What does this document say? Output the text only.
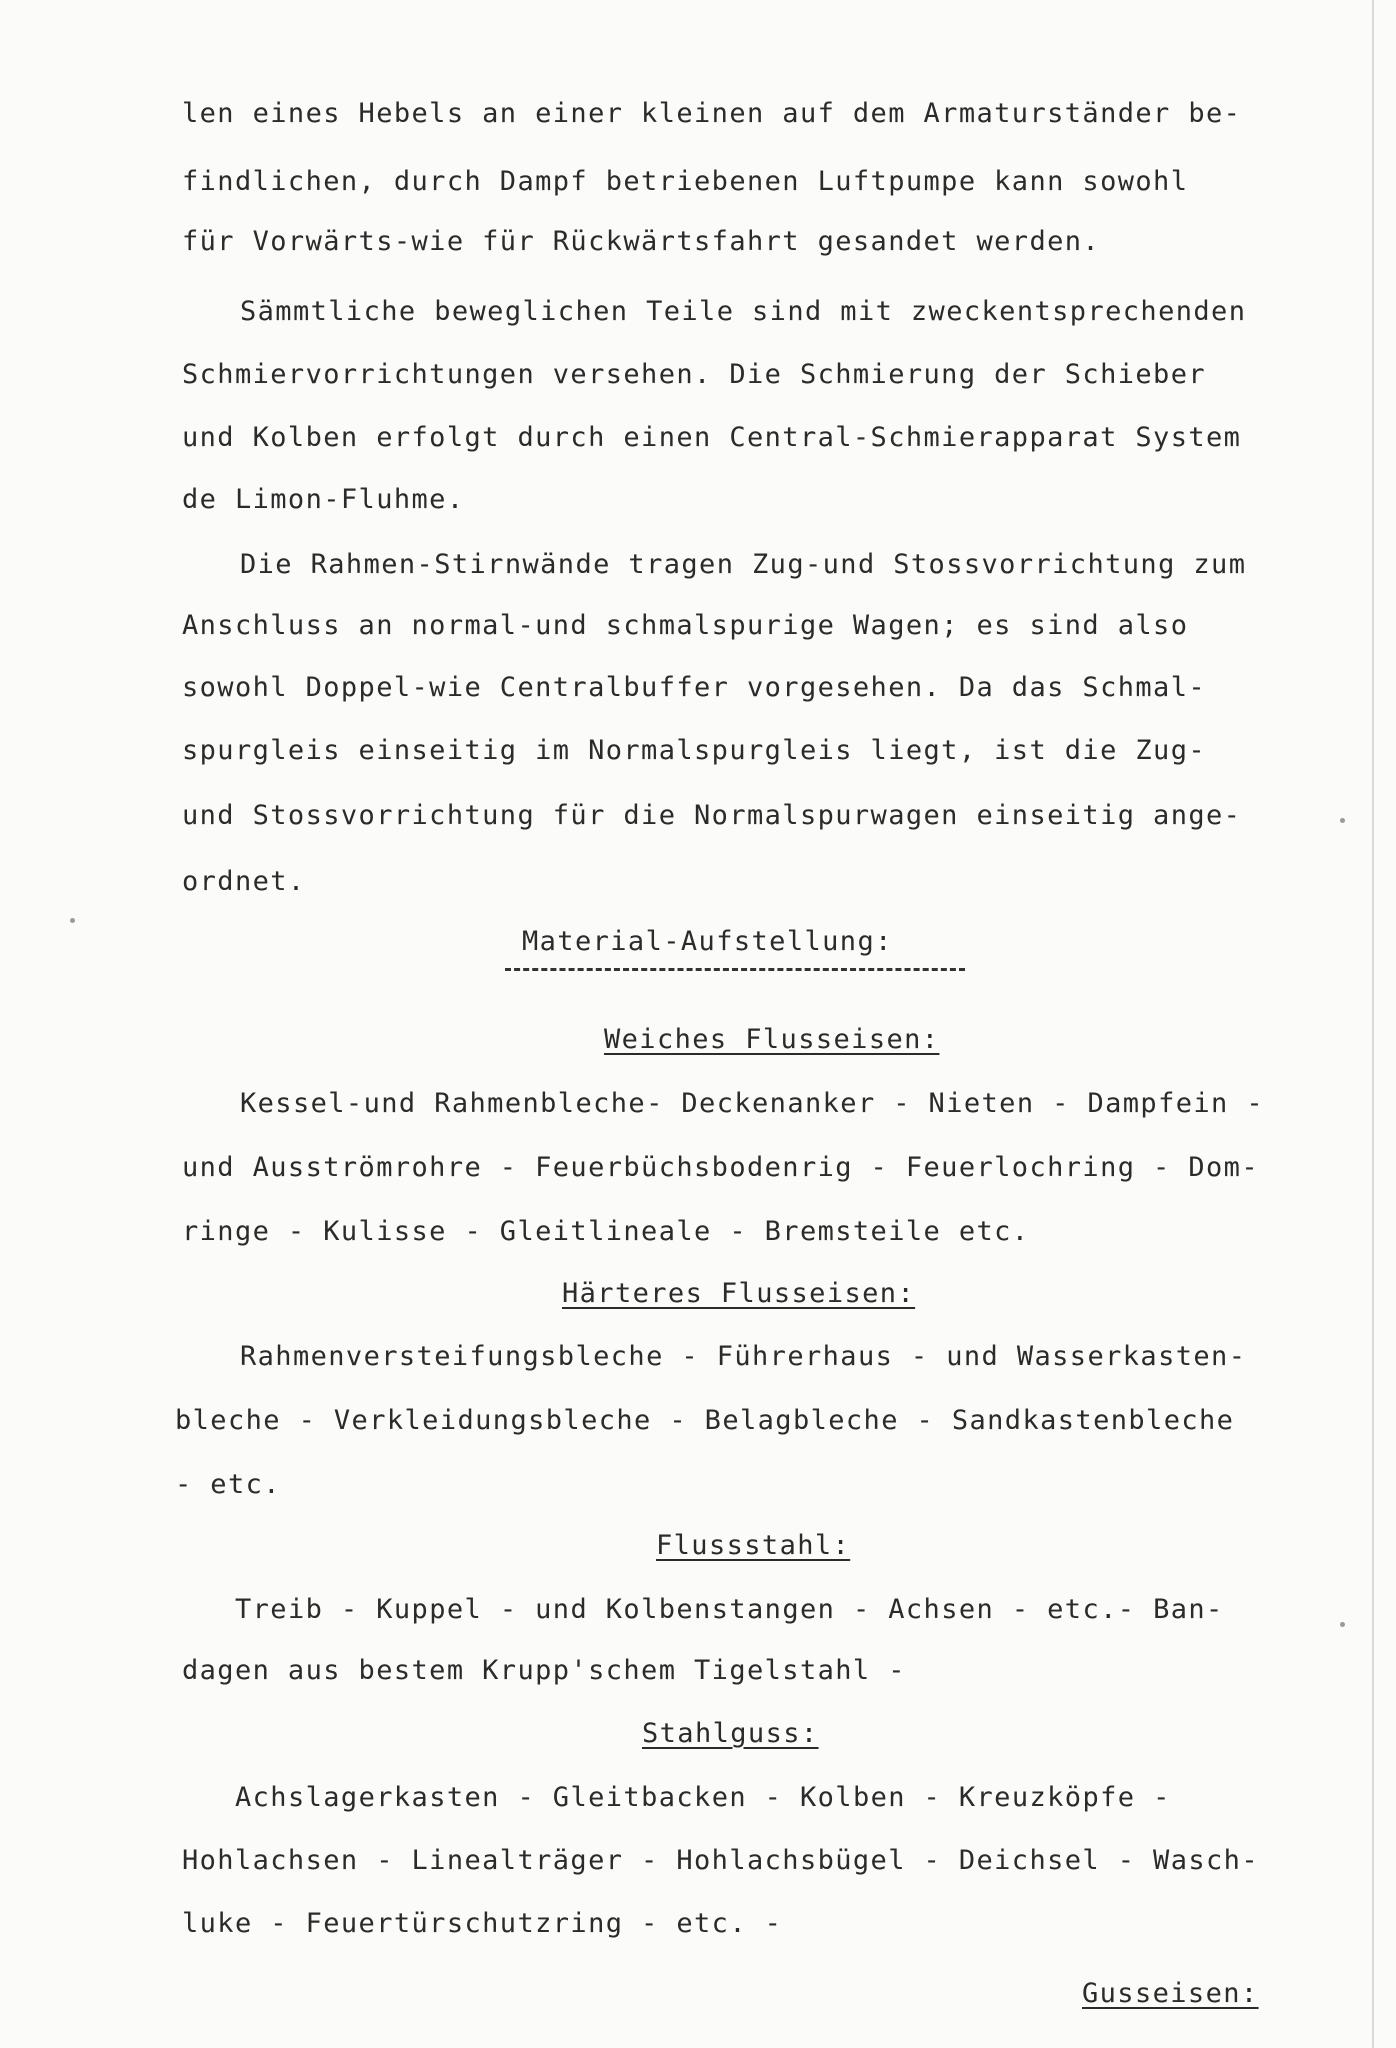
len eines Hebels an einer kleinen auf dem Armaturständer be-
findlichen, durch Dampf betriebenen Luftpumpe kann sowohl
für Vorwärts-wie für Rückwärtsfahrt gesandet werden.
Sämmtliche beweglichen Teile sind mit zweckentsprechenden
Schmiervorrichtungen versehen. Die Schmierung der Schieber
und Kolben erfolgt durch einen Central-Schmierapparat System
de Limon-Fluhme.
Die Rahmen-Stirnwände tragen Zug-und Stossvorrichtung zum
Anschluss an normal-und schmalspurige Wagen; es sind also
sowohl Doppel-wie Centralbuffer vorgesehen. Da das Schmal-
spurgleis einseitig im Normalspurgleis liegt, ist die Zug-
und Stossvorrichtung für die Normalspurwagen einseitig ange-
ordnet.
Material-Aufstellung:
Weiches Flusseisen:
Kessel-und Rahmenbleche- Deckenanker - Nieten - Dampfein -
und Ausströmrohre - Feuerbüchsbodenrig - Feuerlochring - Dom-
ringe - Kulisse - Gleitlineale - Bremsteile etc.
Härteres Flusseisen:
Rahmenversteifungsbleche - Führerhaus - und Wasserkasten-
bleche - Verkleidungsbleche - Belagbleche - Sandkastenbleche
- etc.
Flussstahl:
Treib - Kuppel - und Kolbenstangen - Achsen - etc.- Ban-
dagen aus bestem Krupp'schem Tigelstahl -
Stahlguss:
Achslagerkasten - Gleitbacken - Kolben - Kreuzköpfe -
Hohlachsen - Linealträger - Hohlachsbügel - Deichsel - Wasch-
luke - Feuertürschutzring - etc. -
Gusseisen:
